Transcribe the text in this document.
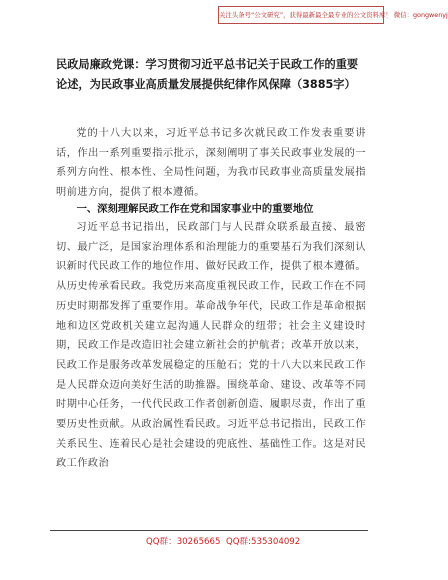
关注头条号“公文研究”，获得最新最全最专业的公文资料库！ 微信：gongwenyj
民政局廉政党课：学习贯彻习近平总书记关于民政工作的重要论述，为民政事业高质量发展提供纪律作风保障（3885字）

党的十八大以来，习近平总书记多次就民政工作发表重要讲话，作出一系列重要指示批示，深刻阐明了事关民政事业发展的一系列方向性、根本性、全局性问题，为我市民政事业高质量发展指明前进方向，提供了根本遵循。

一、深刻理解民政工作在党和国家事业中的重要地位

习近平总书记指出，民政部门与人民群众联系最直接、最密切、最广泛，是国家治理体系和治理能力的重要基石为我们深刻认识新时代民政工作的地位作用、做好民政工作，提供了根本遵循。从历史传承看民政。我党历来高度重视民政工作，民政工作在不同历史时期都发挥了重要作用。革命战争年代，民政工作是革命根据地和边区党政机关建立起沟通人民群众的纽带；社会主义建设时期，民政工作是改造旧社会建立新社会的护航者；改革开放以来，民政工作是服务改革发展稳定的压舱石；党的十八大以来民政工作是人民群众迈向美好生活的助推器。围绕革命、建设、改革等不同时期中心任务，一代代民政工作者创新创造、履职尽责，作出了重要历史性贡献。从政治属性看民政。习近平总书记指出，民政工作关系民生、连着民心是社会建设的兜底性、基础性工作。这是对民政工作政治

QQ群：30265665 QQ群:535304092
